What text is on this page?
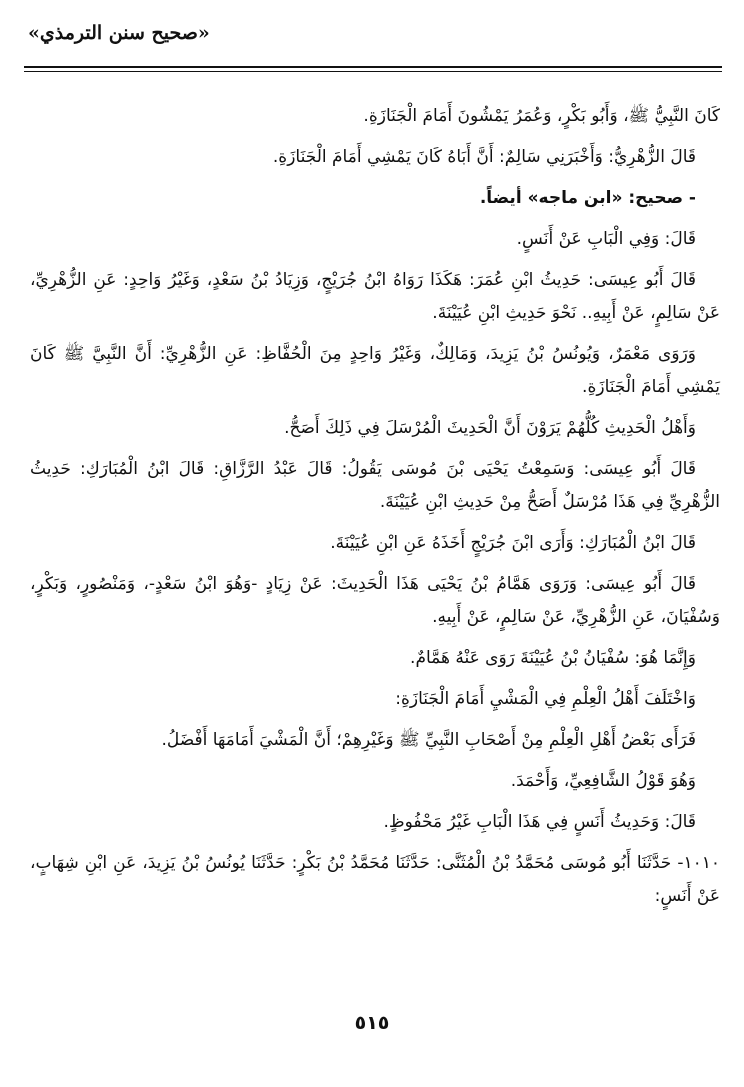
«صحيح سنن الترمذي»

كَانَ النَّبِيُّ ﷺ، وَأَبُو بَكْرٍ، وَعُمَرُ يَمْشُونَ أَمَامَ الْجَنَازَةِ.

قَالَ الزُّهْرِيُّ: وَأَخْبَرَنِي سَالِمٌ: أَنَّ أَبَاهُ كَانَ يَمْشِي أَمَامَ الْجَنَازَةِ.

- صحيح: «ابن ماجه» أيضاً.

قَالَ: وَفِي الْبَابِ عَنْ أَنَسٍ.

قَالَ أَبُو عِيسَى: حَدِيثُ ابْنِ عُمَرَ: هَكَذَا رَوَاهُ ابْنُ جُرَيْجٍ، وَزِيَادُ بْنُ سَعْدٍ، وَغَيْرُ وَاحِدٍ: عَنِ الزُّهْرِيِّ، عَنْ سَالِمٍ، عَنْ أَبِيهِ.. نَحْوَ حَدِيثِ ابْنِ عُيَيْنَةَ.

وَرَوَى مَعْمَرٌ، وَيُونُسُ بْنُ يَزِيدَ، وَمَالِكٌ، وَغَيْرُ وَاحِدٍ مِنَ الْحُفَّاظِ: عَنِ الزُّهْرِيِّ: أَنَّ النَّبِيَّ ﷺ كَانَ يَمْشِي أَمَامَ الْجَنَازَةِ.

وَأَهْلُ الْحَدِيثِ كُلُّهُمْ يَرَوْنَ أَنَّ الْحَدِيثَ الْمُرْسَلَ فِي ذَلِكَ أَصَحُّ.

قَالَ أَبُو عِيسَى: وَسَمِعْتُ يَحْيَى بْنَ مُوسَى يَقُولُ: قَالَ عَبْدُ الرَّزَّاقِ: قَالَ ابْنُ الْمُبَارَكِ: حَدِيثُ الزُّهْرِيِّ فِي هَذَا مُرْسَلٌ أَصَحُّ مِنْ حَدِيثِ ابْنِ عُيَيْنَةَ.

قَالَ ابْنُ الْمُبَارَكِ: وَأَرَى ابْنَ جُرَيْجٍ أَخَذَهُ عَنِ ابْنِ عُيَيْنَةَ.

قَالَ أَبُو عِيسَى: وَرَوَى هَمَّامُ بْنُ يَحْيَى هَذَا الْحَدِيثَ: عَنْ زِيَادٍ -وَهُوَ ابْنُ سَعْدٍ-، وَمَنْصُورٍ، وَبَكْرٍ، وَسُفْيَانَ، عَنِ الزُّهْرِيِّ، عَنْ سَالِمٍ، عَنْ أَبِيهِ.

وَإِنَّمَا هُوَ: سُفْيَانُ بْنُ عُيَيْنَةَ رَوَى عَنْهُ هَمَّامٌ.

وَاخْتَلَفَ أَهْلُ الْعِلْمِ فِي الْمَشْيِ أَمَامَ الْجَنَازَةِ:

فَرَأَى بَعْضُ أَهْلِ الْعِلْمِ مِنْ أَصْحَابِ النَّبِيِّ ﷺ وَغَيْرِهِمْ؛ أَنَّ الْمَشْيَ أَمَامَهَا أَفْضَلُ.

وَهُوَ قَوْلُ الشَّافِعِيِّ، وَأَحْمَدَ.

قَالَ: وَحَدِيثُ أَنَسٍ فِي هَذَا الْبَابِ غَيْرُ مَحْفُوظٍ.

١٠١٠- حَدَّثَنَا أَبُو مُوسَى مُحَمَّدُ بْنُ الْمُثَنَّى: حَدَّثَنَا مُحَمَّدُ بْنُ بَكْرٍ: حَدَّثَنَا يُونُسُ بْنُ يَزِيدَ، عَنِ ابْنِ شِهَابٍ، عَنْ أَنَسٍ:

٥١٥
